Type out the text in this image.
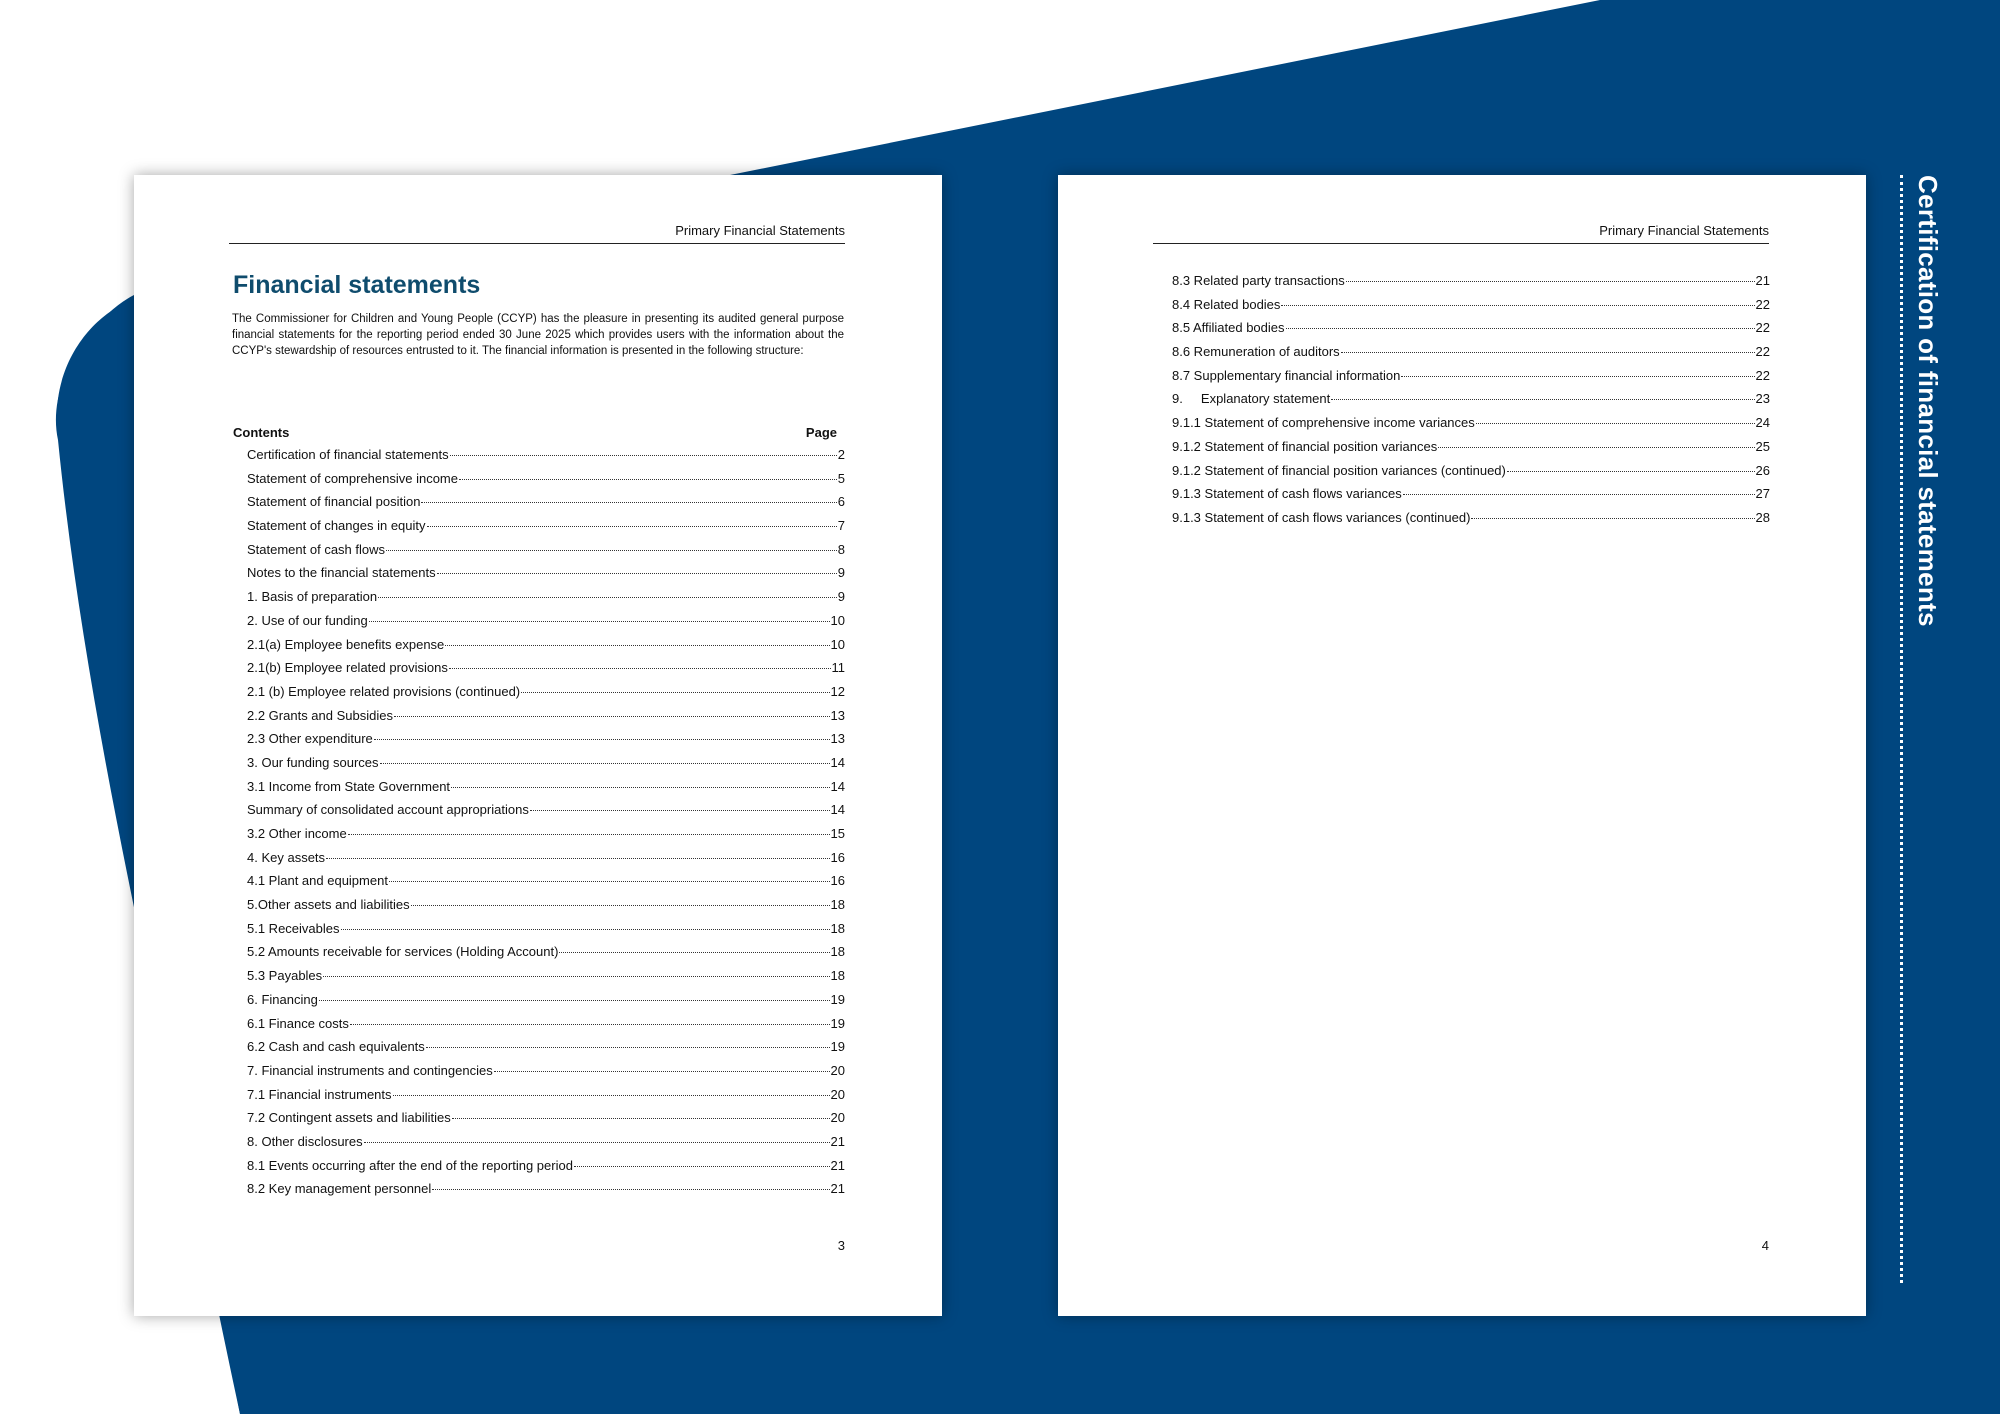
Primary Financial Statements
Financial statements

The Commissioner for Children and Young People (CCYP) has the pleasure in presenting its audited general purpose financial statements for the reporting period ended 30 June 2025 which provides users with the information about the CCYP's stewardship of resources entrusted to it. The financial information is presented in the following structure:

Contents	Page
Certification of financial statements	2
Statement of comprehensive income	5
Statement of financial position	6
Statement of changes in equity	7
Statement of cash flows	8
Notes to the financial statements	9
1. Basis of preparation	9
2. Use of our funding	10
2.1(a) Employee benefits expense	10
2.1(b) Employee related provisions	11
2.1 (b) Employee related provisions (continued)	12
2.2 Grants and Subsidies	13
2.3 Other expenditure	13
3. Our funding sources	14
3.1 Income from State Government	14
Summary of consolidated account appropriations	14
3.2 Other income	15
4. Key assets	16
4.1 Plant and equipment	16
5.Other assets and liabilities	18
5.1 Receivables	18
5.2 Amounts receivable for services (Holding Account)	18
5.3 Payables	18
6. Financing	19
6.1 Finance costs	19
6.2 Cash and cash equivalents	19
7. Financial instruments and contingencies	20
7.1 Financial instruments	20
7.2 Contingent assets and liabilities	20
8. Other disclosures	21
8.1 Events occurring after the end of the reporting period	21
8.2 Key management personnel	21
3
Primary Financial Statements
8.3 Related party transactions	21
8.4 Related bodies	22
8.5 Affiliated bodies	22
8.6 Remuneration of auditors	22
8.7 Supplementary financial information	22
9.     Explanatory statement	23
9.1.1 Statement of comprehensive income variances	24
9.1.2 Statement of financial position variances	25
9.1.2 Statement of financial position variances (continued)	26
9.1.3 Statement of cash flows variances	27
9.1.3 Statement of cash flows variances (continued)	28
4
Certification of financial statements
